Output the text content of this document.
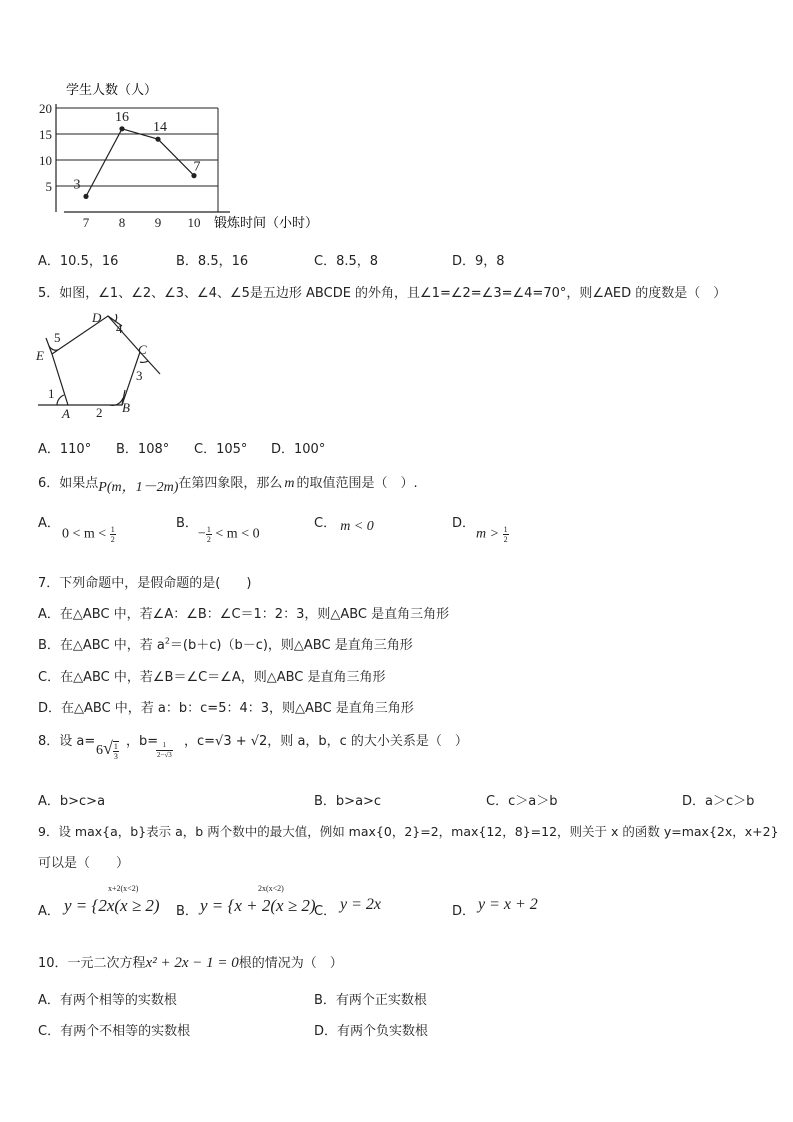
学生人数（人）
锻炼时间（小时）
5
10
15
20
7 8 9 10
3
16
14
7
A．10.5，16	B．8.5，16	C．8.5，8	D．9，8
5．如图，∠1、∠2、∠3、∠4、∠5是五边形 ABCDE 的外角，且∠1=∠2=∠3=∠4=70°，则∠AED 的度数是（　）
D
E	C
A	B
1
2
3
4
5
A．110° B．108° C．105° D．100°
6．如果点P(m，1－2m)在第四象限，那么 m 的取值范围是（　）.
A．
$0 < m < \frac{1}{2}$
B．
− $\frac{1}{2} < m < 0$
C． m < 0	D．
$m > \frac{1}{2}$
7．下列命题中，是假命题的是(　　)
A．在△ABC 中，若∠A：∠B：∠C＝1：2：3，则△ABC 是直角三角形
B．在△ABC 中，若 $a^2=(b+c)(b-c)$，则△ABC 是直角三角形
C．在△ABC 中，若∠B＝∠C＝∠A，则△ABC 是直角三角形
D．在△ABC 中，若 a：b：c=5：4：3，则△ABC 是直角三角形
8．设 a=
$6√ \frac{1}{3}$ ，b=
$\frac{1}{2-√3}$ ，c=√3 + √2，则 a，b，c 的大小关系是（　）
A．b>c>a	B．b>a>c	C．c＞a＞b	D．a＞c＞b
9．设 max{a，b}表示 a，b 两个数中的最大值，例如 max{0，2}=2，max{12，8}=12，则关于 x 的函数 y=max{2x，x+2}
可以是（　　）
A．
x+2(x<2)
y = {2x(x ≥ 2) B．
2x(x<2)
y = {x + 2(x ≥ 2)
C． y = 2x	D． y = x + 2
10．一元二次方程x² + 2x − 1 = 0根的情况为（　）
A．有两个相等的实数根	B．有两个正实数根
C．有两个不相等的实数根	D．有两个负实数根
